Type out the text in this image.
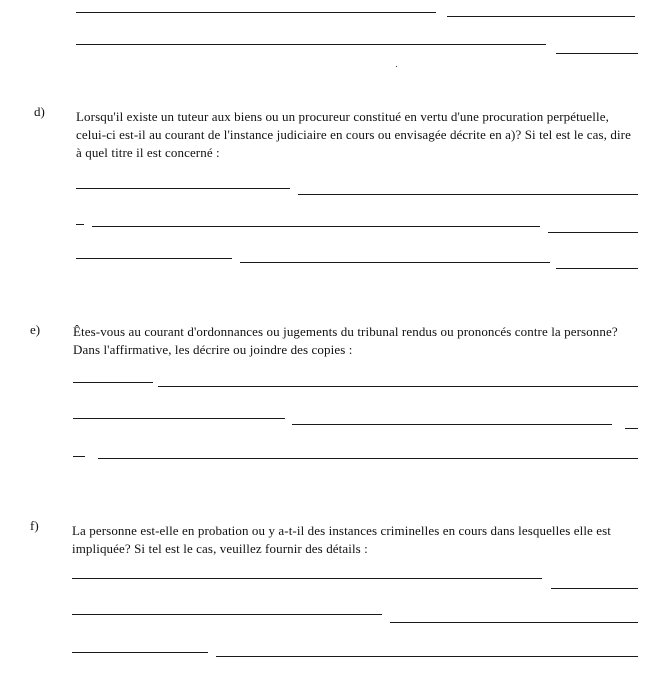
d) Lorsqu'il existe un tuteur aux biens ou un procureur constitué en vertu d'une procuration perpétuelle, celui-ci est-il au courant de l'instance judiciaire en cours ou envisagée décrite en a)? Si tel est le cas, dire à quel titre il est concerné :
e)	Êtes-vous au courant d'ordonnances ou jugements du tribunal rendus ou prononcés contre la personne? Dans l'affirmative, les décrire ou joindre des copies :
f)	La personne est-elle en probation ou y a-t-il des instances criminelles en cours dans lesquelles elle est impliquée? Si tel est le cas, veuillez fournir des détails :
